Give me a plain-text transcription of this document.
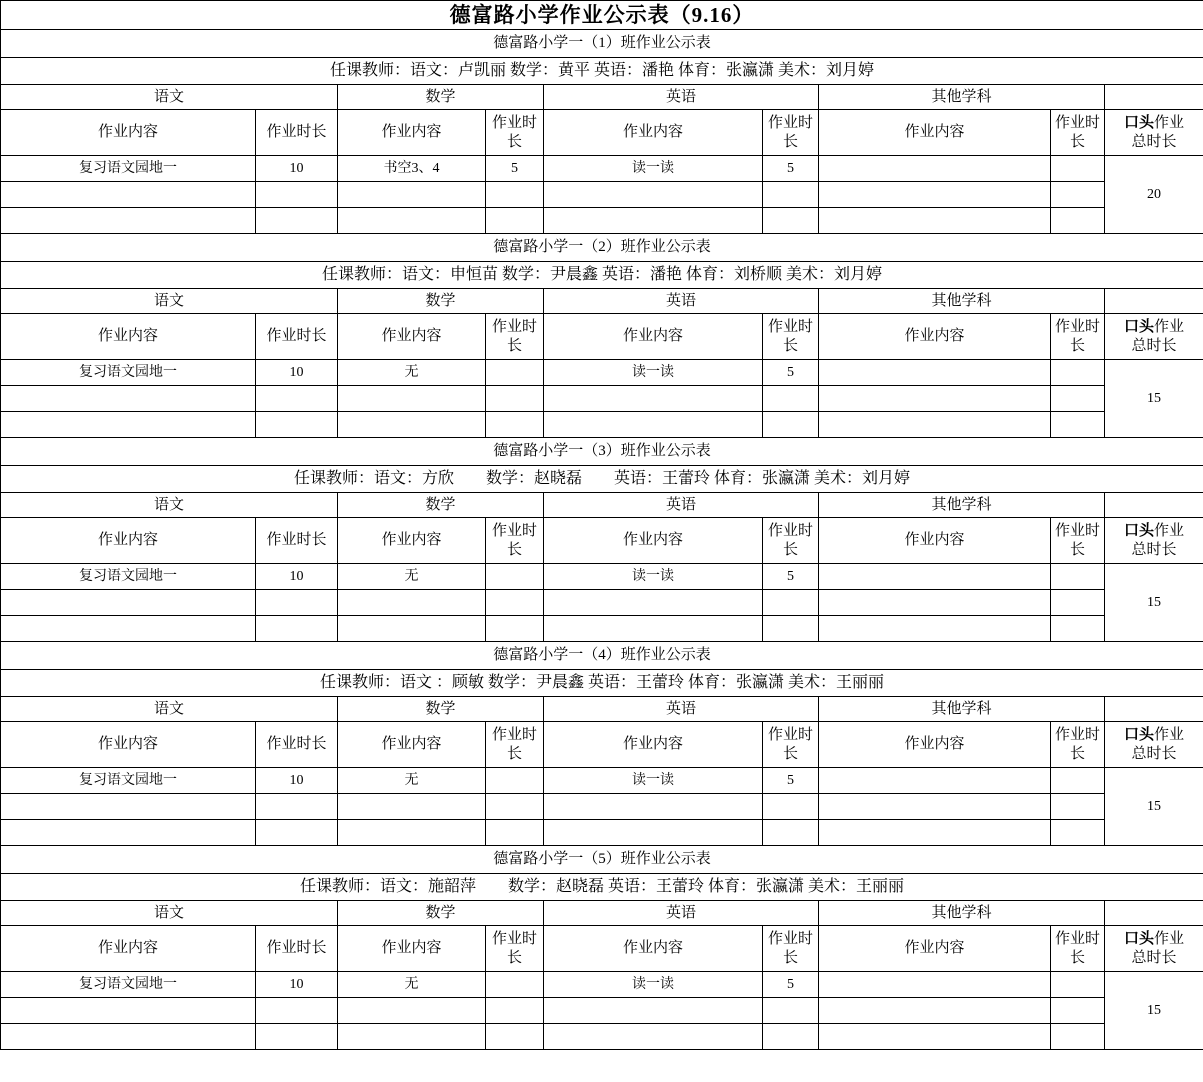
德富路小学作业公示表（9.16）								
德富路小学一（1）班作业公示表								
任课教师：语文：卢凯丽 数学：黄平 英语：潘艳 体育：张瀛潇 美术：刘月婷								
语文		数学		英语		其他学科		
作业内容	作业时长	作业内容	作业时长	作业内容	作业时长	作业内容	作业时长	口头作业
总时长
复习语文园地一	10	书空3、4	5	读一读	5			20

德富路小学一（2）班作业公示表								
任课教师：语文：申恒苗 数学：尹晨鑫 英语：潘艳 体育：刘桥顺 美术：刘月婷								
语文		数学		英语		其他学科		
作业内容	作业时长	作业内容	作业时长	作业内容	作业时长	作业内容	作业时长	口头作业
总时长
复习语文园地一	10	无		读一读	5			15

德富路小学一（3）班作业公示表								
任课教师：语文：方欣　　数学：赵晓磊　　英语：王蕾玲 体育：张瀛潇 美术：刘月婷								
语文		数学		英语		其他学科		
作业内容	作业时长	作业内容	作业时长	作业内容	作业时长	作业内容	作业时长	口头作业
总时长
复习语文园地一	10	无		读一读	5			15

德富路小学一（4）班作业公示表								
任课教师：语文 ：顾敏 数学：尹晨鑫 英语：王蕾玲 体育：张瀛潇 美术：王丽丽								
语文		数学		英语		其他学科		
作业内容	作业时长	作业内容	作业时长	作业内容	作业时长	作业内容	作业时长	口头作业
总时长
复习语文园地一	10	无		读一读	5			15

德富路小学一（5）班作业公示表								
任课教师：语文：施韶萍　　数学：赵晓磊 英语：王蕾玲 体育：张瀛潇 美术：王丽丽								
语文		数学		英语		其他学科		
作业内容	作业时长	作业内容	作业时长	作业内容	作业时长	作业内容	作业时长	口头作业
总时长
复习语文园地一	10	无		读一读	5			15
